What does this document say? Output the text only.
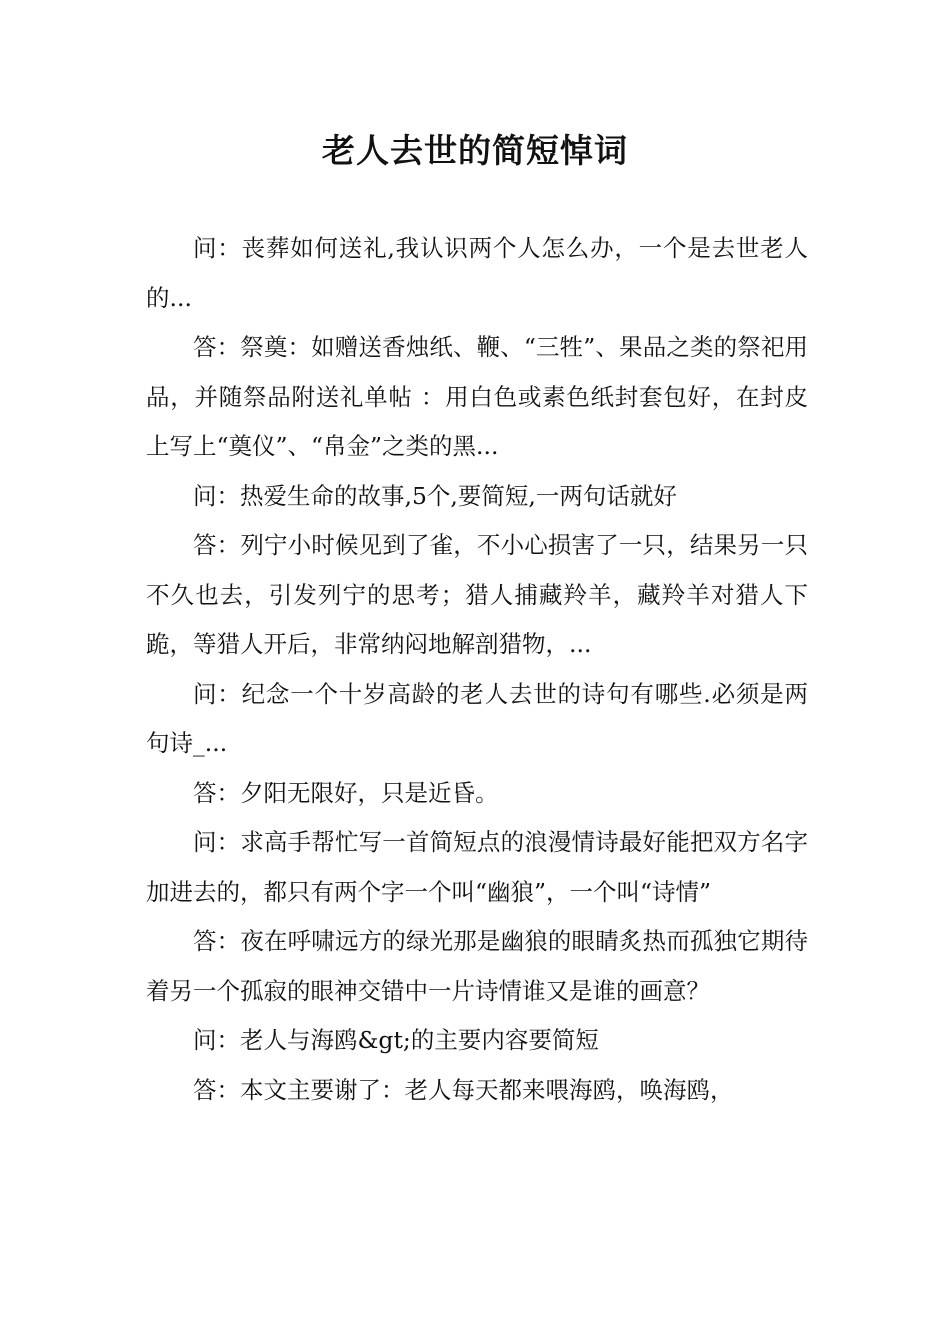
老人去世的简短悼词

问：丧葬如何送礼,我认识两个人怎么办，一个是去世老人的...

答：祭奠：如赠送香烛纸、鞭、“三牲”、果品之类的祭祀用品，并随祭品附送礼单帖 ：用白色或素色纸封套包好，在封皮上写上“奠仪”、“帛金”之类的黑...

问：热爱生命的故事,5个,要简短,一两句话就好

答：列宁小时候见到了雀，不小心损害了一只，结果另一只不久也去，引发列宁的思考；猎人捕藏羚羊，藏羚羊对猎人下跪，等猎人开后，非常纳闷地解剖猎物，...

问：纪念一个十岁高龄的老人去世的诗句有哪些.必须是两句诗_...

答：夕阳无限好，只是近昏。

问：求高手帮忙写一首简短点的浪漫情诗最好能把双方名字加进去的，都只有两个字一个叫“幽狼”，一个叫“诗情”

答：夜在呼啸远方的绿光那是幽狼的眼睛炙热而孤独它期待着另一个孤寂的眼神交错中一片诗情谁又是谁的画意？

问：老人与海鸥&gt;的主要内容要简短

答：本文主要谢了：老人每天都来喂海鸥，唤海鸥，
